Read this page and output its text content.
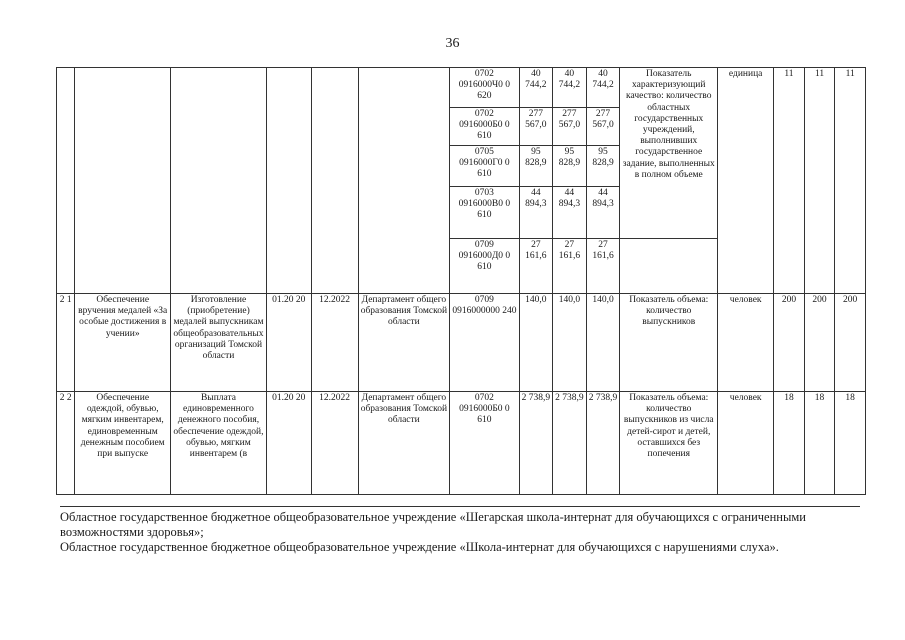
36
						0702 0916000Ч0 0 620	40 744,2	40 744,2	40 744,2	Показатель характеризующий качество: количество областных государственных учреждений, выполнивших государственное задание, выполненных в полном объеме	единица	11	11	11
						0702 0916000Б0 0 610	277 567,0	277 567,0	277 567,0					
						0705 0916000Г0 0 610	95 828,9	95 828,9	95 828,9					
						0703 0916000В0 0 610	44 894,3	44 894,3	44 894,3					
						0709 0916000Д0 0 610	27 161,6	27 161,6	27 161,6					
2 1	Обеспечение вручения медалей «За особые достижения в учении»	Изготовление (приобретение) медалей выпускникам общеобразовательных организаций Томской области	01.20 20	12.2022	Департамент общего образования Томской области	0709 0916000000 240	140,0	140,0	140,0	Показатель объема: количество выпускников	человек	200	200	200
2 2	Обеспечение одеждой, обувью, мягким инвентарем, единовременным денежным пособием при выпуске	Выплата единовременного денежного пособия, обеспечение одеждой, обувью, мягким инвентарем (в	01.20 20	12.2022	Департамент общего образования Томской области	0702 0916000Б0 0 610	2 738,9	2 738,9	2 738,9	Показатель объема: количество выпускников из числа детей-сирот и детей, оставшихся без попечения	человек	18	18	18

Областное государственное бюджетное общеобразовательное учреждение «Шегарская школа-интернат для обучающихся с ограниченными возможностями здоровья»;

Областное государственное бюджетное общеобразовательное учреждение «Школа-интернат для обучающихся с нарушениями слуха».
